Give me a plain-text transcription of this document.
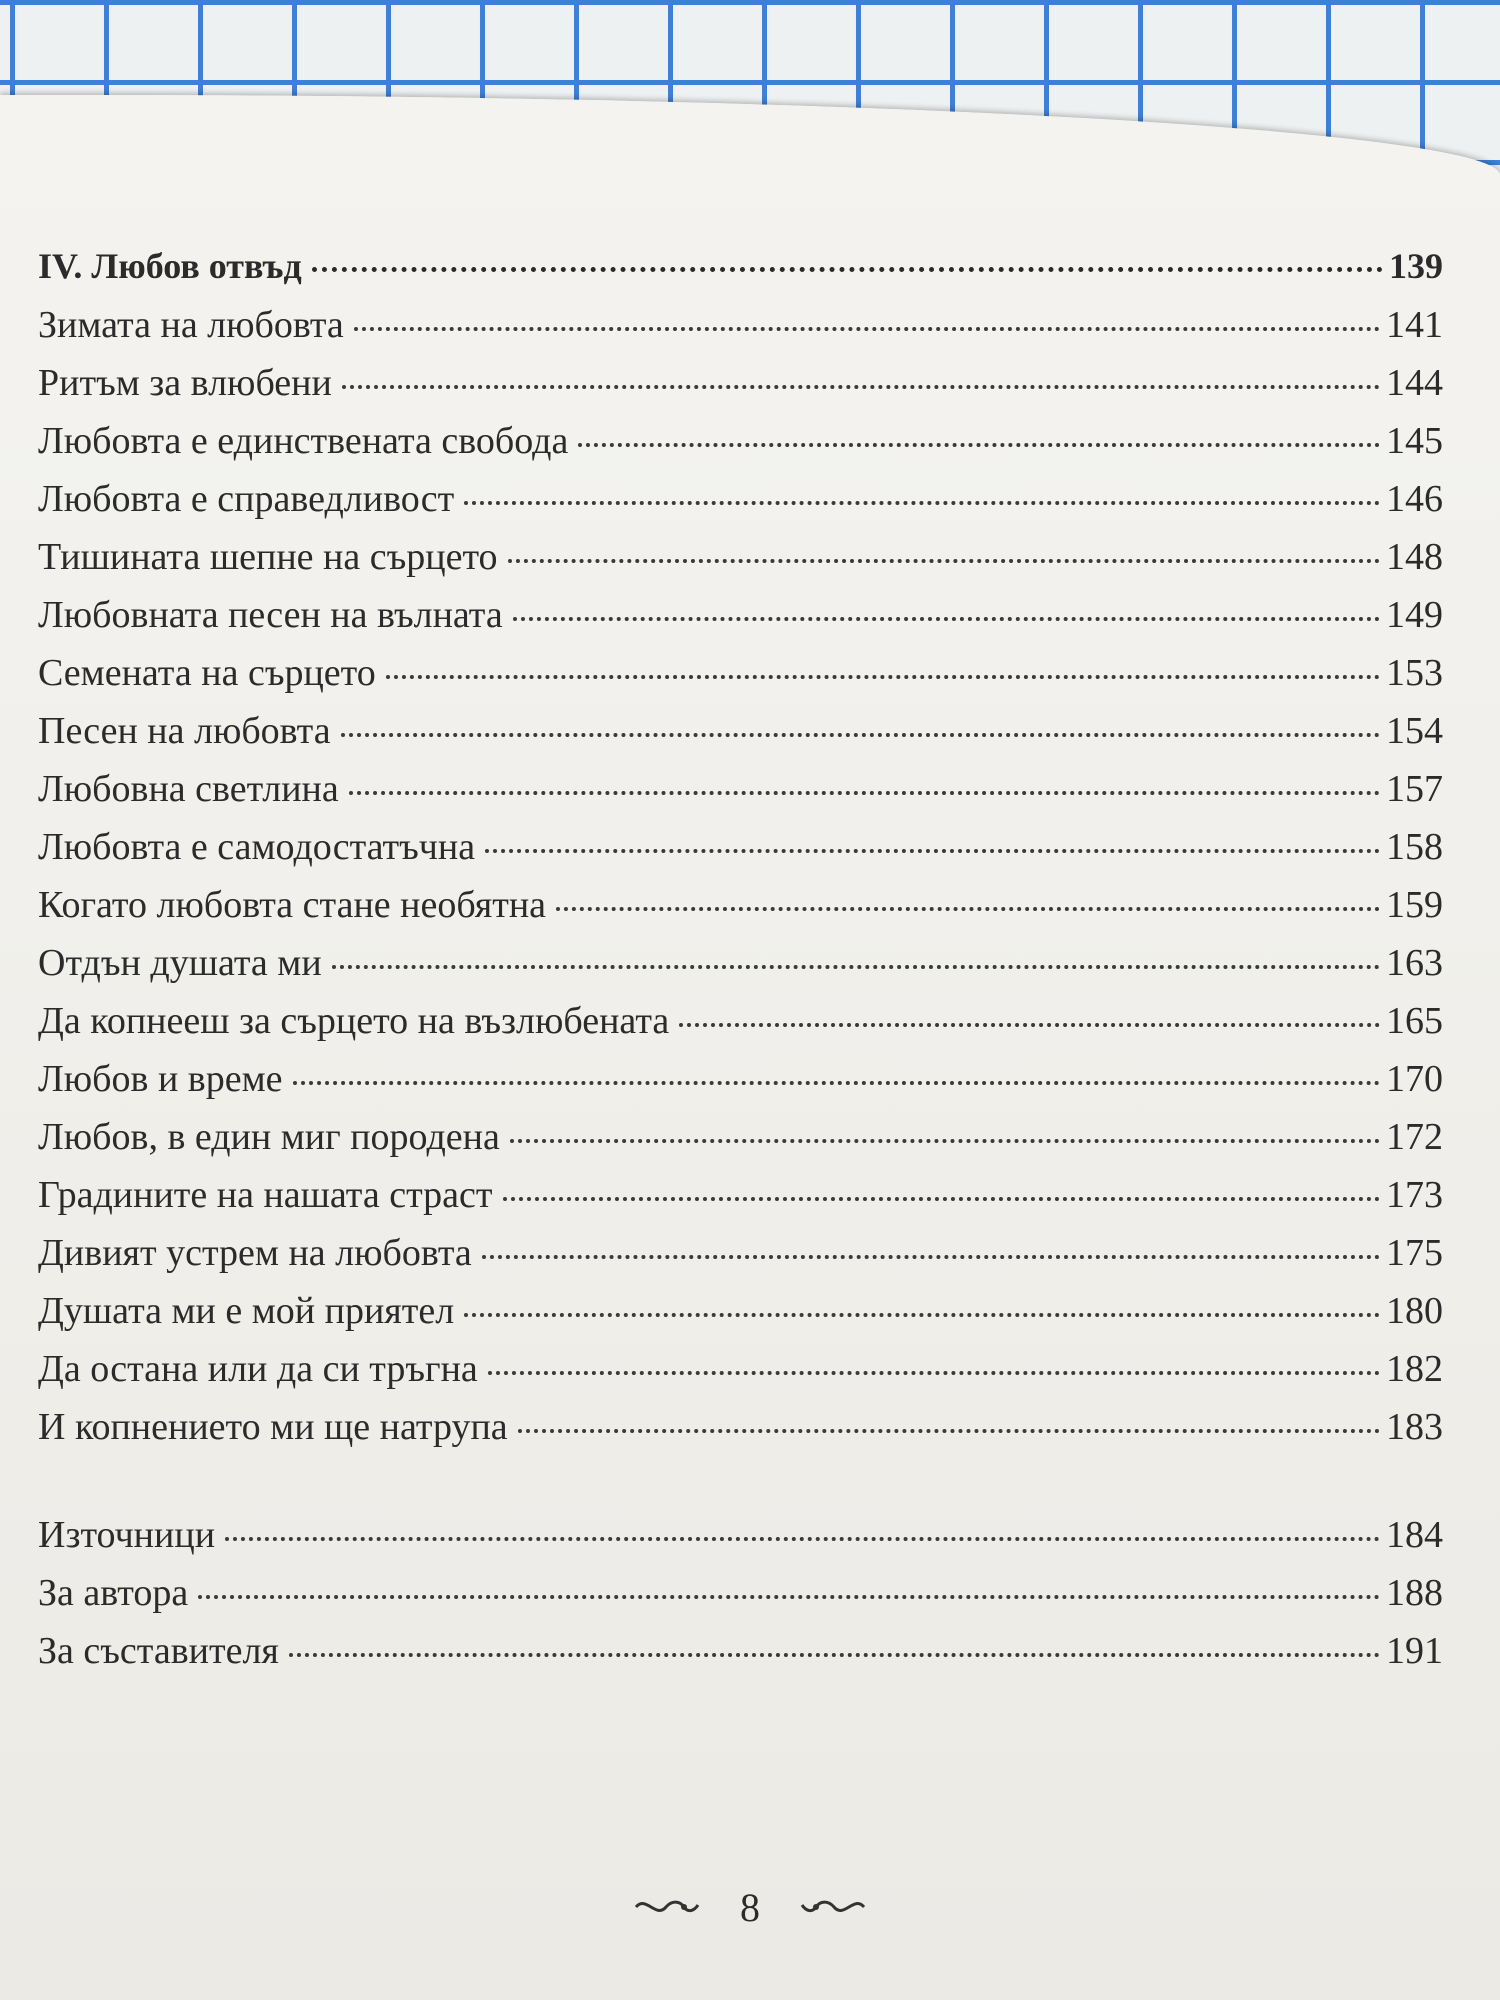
IV. Любов отвъд	139
Зимата на любовта	141
Ритъм за влюбени	144
Любовта е единствената свобода	145
Любовта е справедливост	146
Тишината шепне на сърцето	148
Любовната песен на вълната	149
Семената на сърцето	153
Песен на любовта	154
Любовна светлина	157
Любовта е самодостатъчна	158
Когато любовта стане необятна	159
Отдън душата ми	163
Да копнееш за сърцето на възлюбената	165
Любов и време	170
Любов, в един миг породена	172
Градините на нашата страст	173
Дивият устрем на любовта	175
Душата ми е мой приятел	180
Да остана или да си тръгна	182
И копнението ми ще натрупа	183
Източници	184
За автора	188
За съставителя	191
8
